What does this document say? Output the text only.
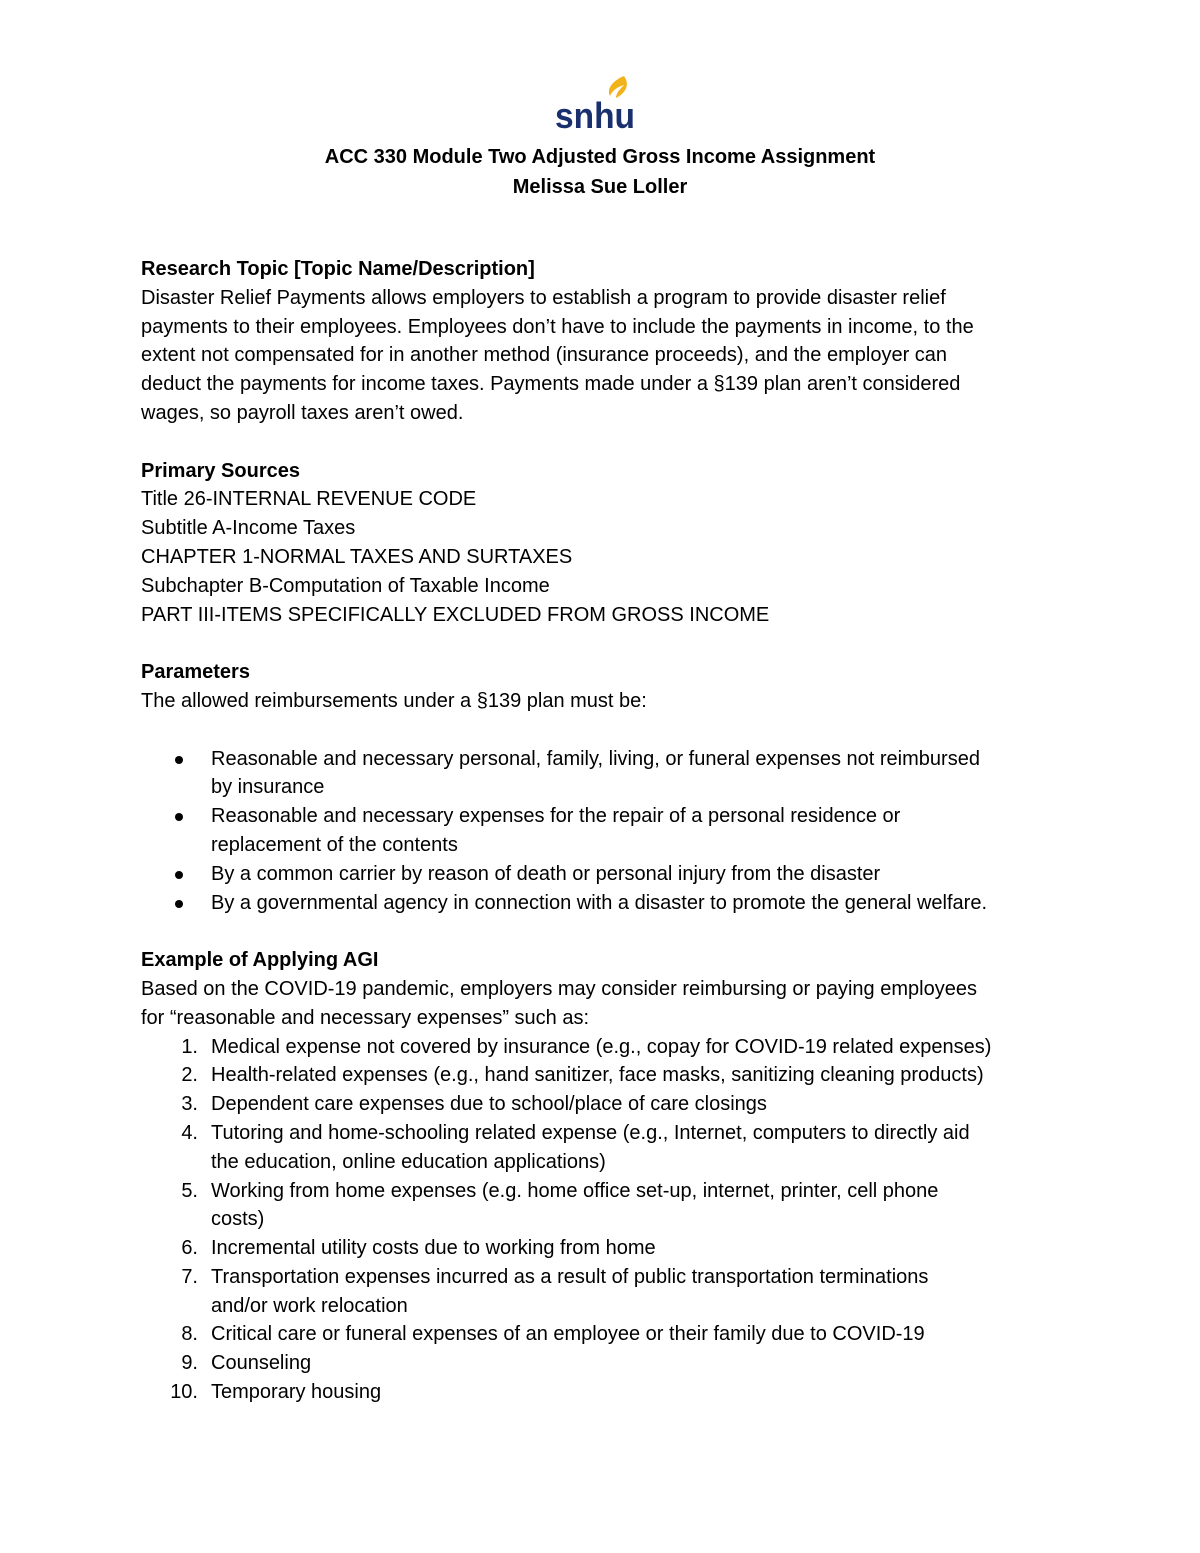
snhu
ACC 330 Module Two Adjusted Gross Income Assignment
Melissa Sue Loller

Research Topic [Topic Name/Description]

Disaster Relief Payments allows employers to establish a program to provide disaster relief

payments to their employees. Employees don’t have to include the payments in income, to the

extent not compensated for in another method (insurance proceeds), and the employer can

deduct the payments for income taxes. Payments made under a §139 plan aren’t considered

wages, so payroll taxes aren’t owed.

Primary Sources

Title 26-INTERNAL REVENUE CODE

Subtitle A-Income Taxes

CHAPTER 1-NORMAL TAXES AND SURTAXES

Subchapter B-Computation of Taxable Income

PART III-ITEMS SPECIFICALLY EXCLUDED FROM GROSS INCOME

Parameters

The allowed reimbursements under a §139 plan must be:

Reasonable and necessary personal, family, living, or funeral expenses not reimbursed
by insurance
Reasonable and necessary expenses for the repair of a personal residence or
replacement of the contents
By a common carrier by reason of death or personal injury from the disaster
By a governmental agency in connection with a disaster to promote the general welfare.

Example of Applying AGI

Based on the COVID-19 pandemic, employers may consider reimbursing or paying employees

for “reasonable and necessary expenses” such as:

1. Medical expense not covered by insurance (e.g., copay for COVID-19 related expenses)
2. Health-related expenses (e.g., hand sanitizer, face masks, sanitizing cleaning products)
3. Dependent care expenses due to school/place of care closings
4. Tutoring and home-schooling related expense (e.g., Internet, computers to directly aid
the education, online education applications)
5. Working from home expenses (e.g. home office set-up, internet, printer, cell phone
costs)
6. Incremental utility costs due to working from home
7. Transportation expenses incurred as a result of public transportation terminations
and/or work relocation
8. Critical care or funeral expenses of an employee or their family due to COVID-19
9. Counseling
10. Temporary housing
